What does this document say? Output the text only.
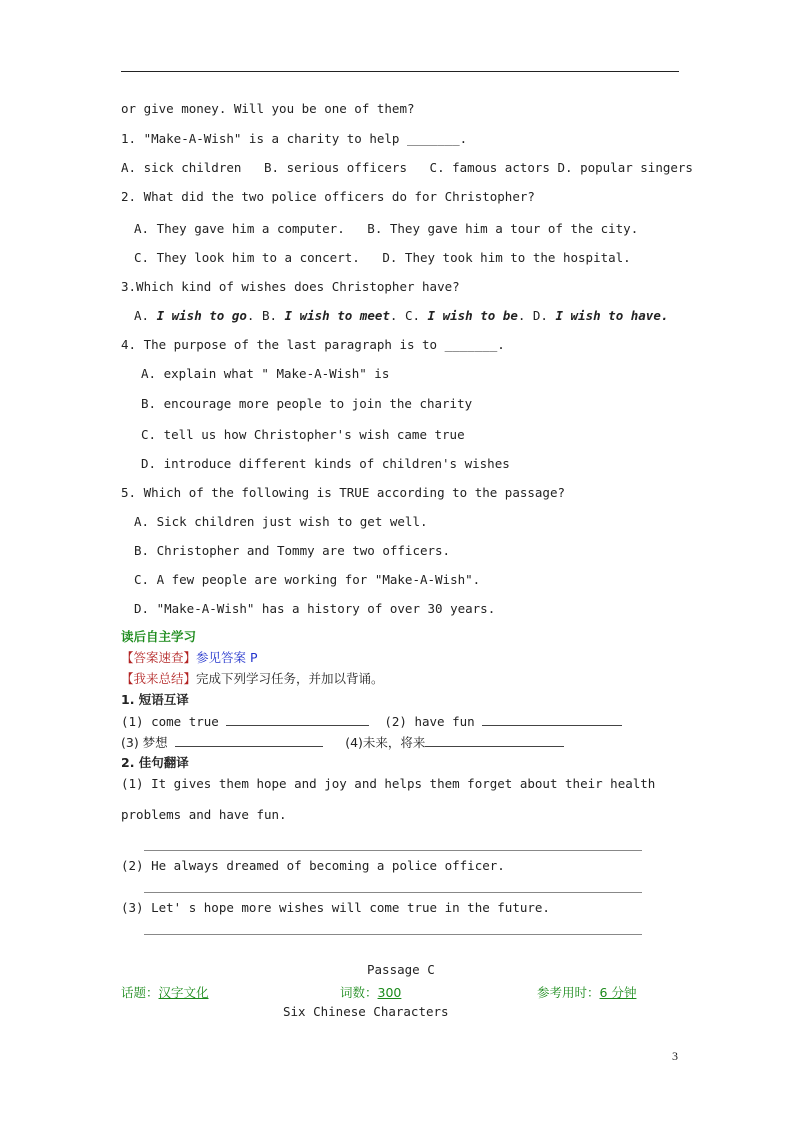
or give money. Will you be one of them?
1. "Make-A-Wish" is a charity to help _______.
A. sick children   B. serious officers   C. famous actors D. popular singers
2. What did the two police officers do for Christopher?
A. They gave him a computer.   B. They gave him a tour of the city.
C. They look him to a concert.   D. They took him to the hospital.
3.Which kind of wishes does Christopher have?
A. I wish to go. B. I wish to meet. C. I wish to be. D. I wish to have.
4. The purpose of the last paragraph is to _______.
A. explain what " Make-A-Wish" is
B. encourage more people to join the charity
C. tell us how Christopher's wish came true
D. introduce different kinds of children's wishes
5. Which of the following is TRUE according to the passage?
A. Sick children just wish to get well.
B. Christopher and Tommy are two officers.
C. A few people are working for "Make-A-Wish".
D. "Make-A-Wish" has a history of over 30 years.
读后自主学习
【答案速查】参见答案 P
【我来总结】完成下列学习任务，并加以背诵。
1. 短语互译
(1) come true	(2) have fun
(3) 梦想	(4)未来，将来
2. 佳句翻译
(1) It gives them hope and joy and helps them forget about their health
problems and have fun.
(2) He always dreamed of becoming a police officer.
(3) Let' s hope more wishes will come true in the future.
Passage C
话题：汉字文化	词数：300	参考用时：6 分钟
Six Chinese Characters
3
